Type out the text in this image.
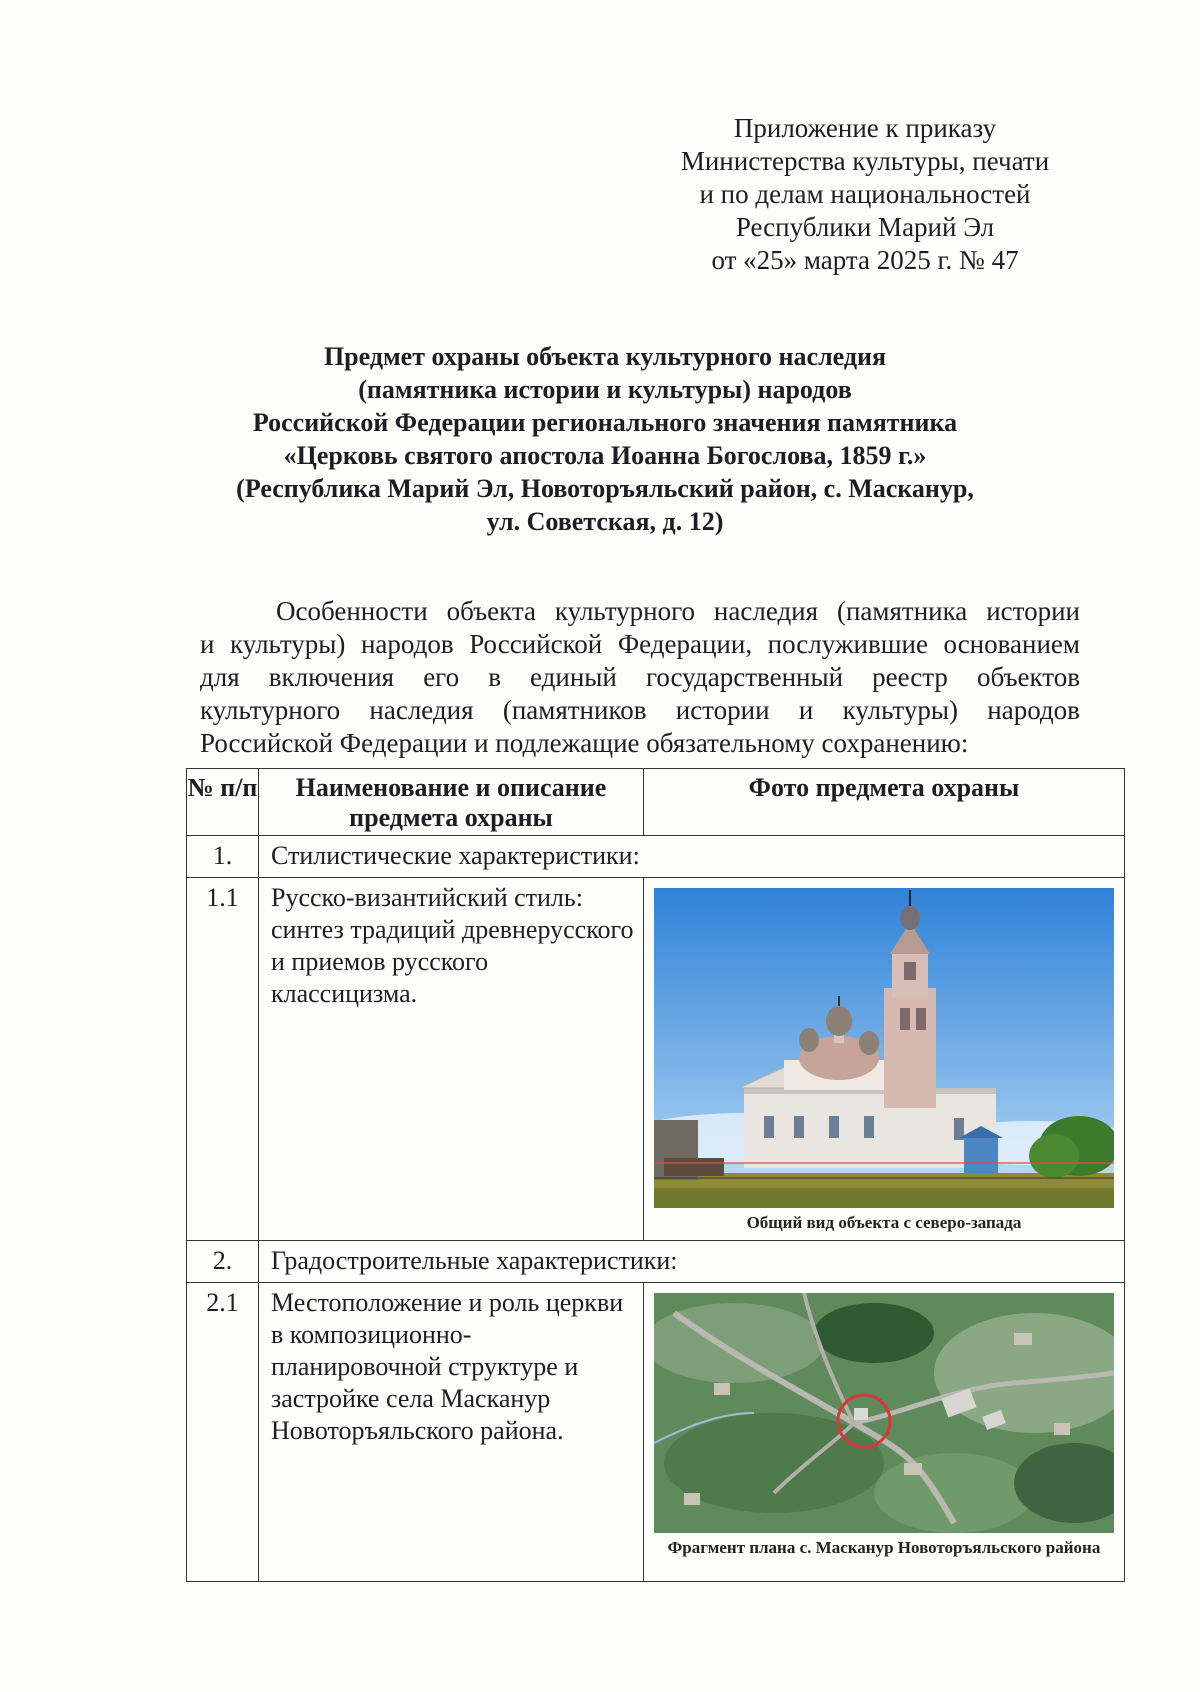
Приложение к приказу
Министерства культуры, печати
и по делам национальностей
Республики Марий Эл
от «25» марта 2025 г. № 47
Предмет охраны объекта культурного наследия
(памятника истории и культуры) народов
Российской Федерации регионального значения памятника
«Церковь святого апостола Иоанна Богослова, 1859 г.»
(Республика Марий Эл, Новоторъяльский район, с. Масканур,
ул. Советская, д. 12)
Особенности объекта культурного наследия (памятника истории
и культуры) народов Российской Федерации, послужившие основанием
для включения его в единый государственный реестр объектов
культурного наследия (памятников истории и культуры) народов
Российской Федерации и подлежащие обязательному сохранению:
№ п/п	Наименование и описание предмета охраны	Фото предмета охраны

1.	Стилистические характеристики:	
1.1	Русско-византийский стиль: синтез традиций древнерусского и приемов русского классицизма.	Общий вид объекта с северо-запада

2.	Градостроительные характеристики:	
2.1	Местоположение и роль церкви в композиционно-планировочной структуре и застройке села Масканур Новоторъяльского района.	Фрагмент плана с. Масканур Новоторъяльского района
